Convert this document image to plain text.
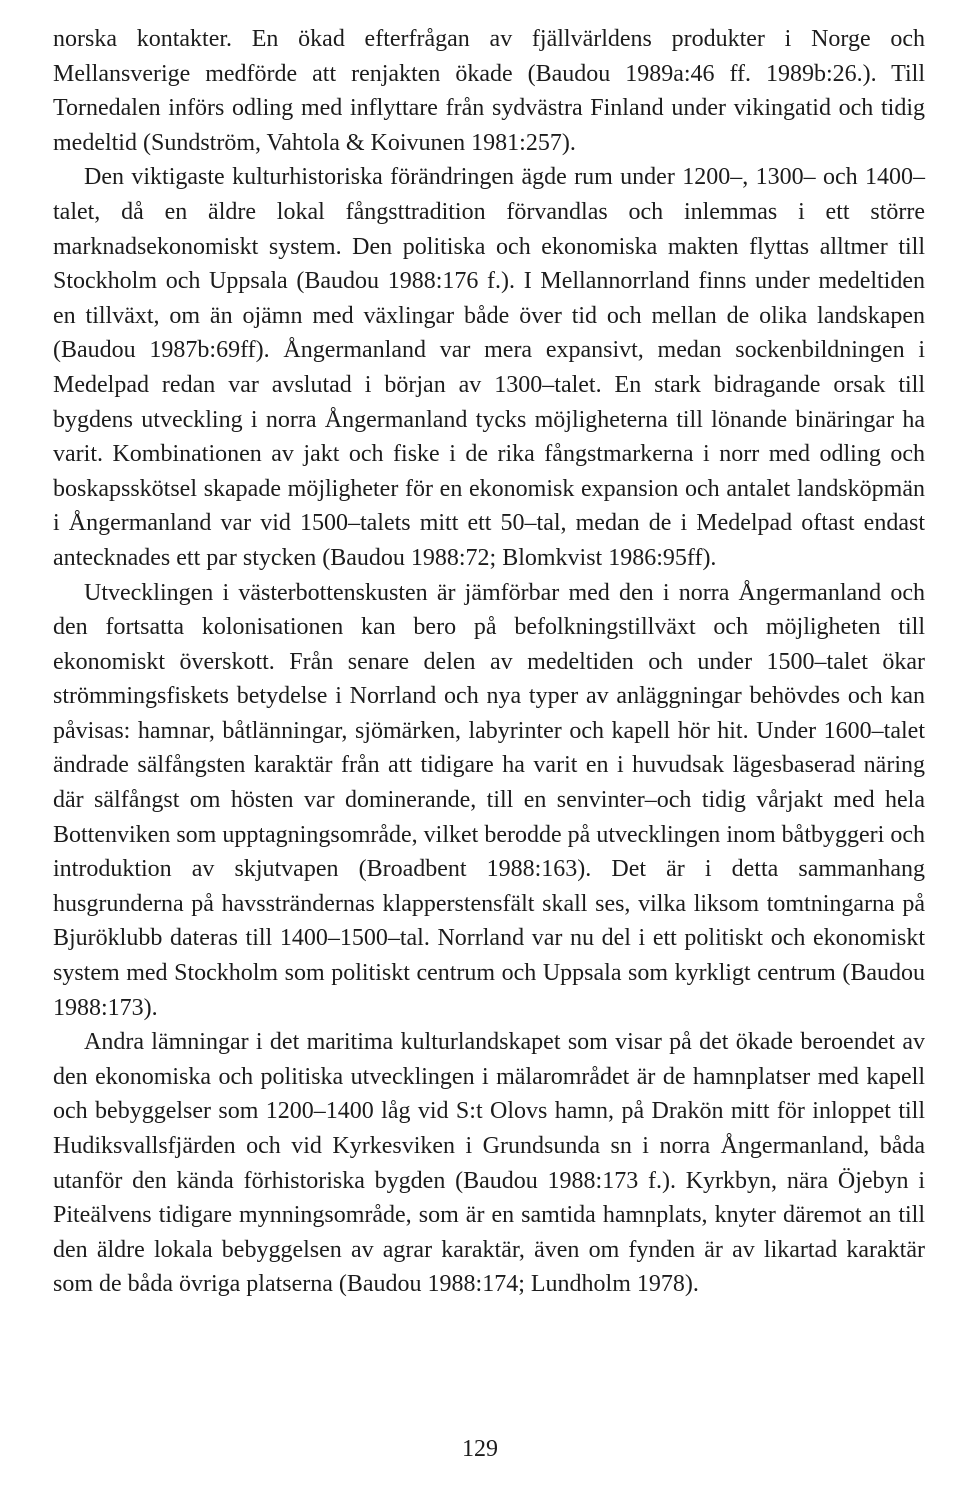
norska kontakter. En ökad efterfrågan av fjällvärldens produkter i Norge och Mellansverige medförde att renjakten ökade (Baudou 1989a:46 ff. 1989b:26.). Till Tornedalen införs odling med inflyttare från sydvästra Finland under vikingatid och tidig medeltid (Sundström, Vahtola & Koivunen 1981:257).

Den viktigaste kulturhistoriska förändringen ägde rum under 1200–, 1300– och 1400–talet, då en äldre lokal fångsttradition förvandlas och inlemmas i ett större marknadsekonomiskt system. Den politiska och ekonomiska makten flyttas alltmer till Stockholm och Uppsala (Baudou 1988:176 f.). I Mellannorrland finns under medeltiden en tillväxt, om än ojämn med växlingar både över tid och mellan de olika landskapen (Baudou 1987b:69ff). Ångermanland var mera expansivt, medan sockenbildningen i Medelpad redan var avslutad i början av 1300–talet. En stark bidragande orsak till bygdens utveckling i norra Ångermanland tycks möjligheterna till lönande binäringar ha varit. Kombinationen av jakt och fiske i de rika fångstmarkerna i norr med odling och boskapsskötsel skapade möjligheter för en ekonomisk expansion och antalet landsköpmän i Ångermanland var vid 1500–talets mitt ett 50–tal, medan de i Medelpad oftast endast antecknades ett par stycken (Baudou 1988:72; Blomkvist 1986:95ff).

Utvecklingen i västerbottenskusten är jämförbar med den i norra Ångermanland och den fortsatta kolonisationen kan bero på befolkningstillväxt och möjligheten till ekonomiskt överskott. Från senare delen av medeltiden och under 1500–talet ökar strömmingsfiskets betydelse i Norrland och nya typer av anläggningar behövdes och kan påvisas: hamnar, båtlänningar, sjömärken, labyrinter och kapell hör hit. Under 1600–talet ändrade sälfångsten karaktär från att tidigare ha varit en i huvudsak lägesbaserad näring där sälfångst om hösten var dominerande, till en senvinter–och tidig vårjakt med hela Bottenviken som upptagningsområde, vilket berodde på utvecklingen inom båtbyggeri och introduktion av skjutvapen (Broadbent 1988:163). Det är i detta sammanhang husgrunderna på havssträndernas klapperstensfält skall ses, vilka liksom tomtningarna på Bjuröklubb dateras till 1400–1500–tal. Norrland var nu del i ett politiskt och ekonomiskt system med Stockholm som politiskt centrum och Uppsala som kyrkligt centrum (Baudou 1988:173).

Andra lämningar i det maritima kulturlandskapet som visar på det ökade beroendet av den ekonomiska och politiska utvecklingen i mälarområdet är de hamnplatser med kapell och bebyggelser som 1200–1400 låg vid S:t Olovs hamn, på Drakön mitt för inloppet till Hudiksvallsfjärden och vid Kyrkesviken i Grundsunda sn i norra Ångermanland, båda utanför den kända förhistoriska bygden (Baudou 1988:173 f.). Kyrkbyn, nära Öjebyn i Piteälvens tidigare mynningsområde, som är en samtida hamnplats, knyter däremot an till den äldre lokala bebyggelsen av agrar karaktär, även om fynden är av likartad karaktär som de båda övriga platserna (Baudou 1988:174; Lundholm 1978).

129
